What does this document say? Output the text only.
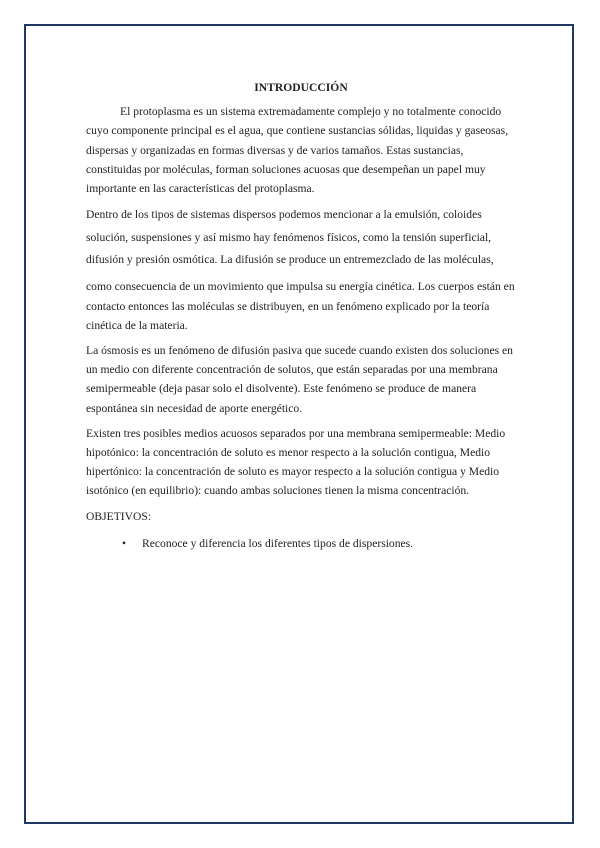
INTRODUCCIÓN

El protoplasma es un sistema extremadamente complejo y no totalmente conocido cuyo componente principal es el agua, que contiene sustancias sólidas, liquidas y gaseosas, dispersas y organizadas en formas diversas y de varios tamaños. Estas sustancias, constituidas por moléculas, forman soluciones acuosas que desempeñan un papel muy importante en las características del protoplasma.

Dentro de los tipos de sistemas dispersos podemos mencionar a la emulsión, coloides solución, suspensiones y así mismo hay fenómenos físicos, como la tensión superficial, difusión y presión osmótica. La difusión se produce un entremezclado de las moléculas,

como consecuencia de un movimiento que impulsa su energía cinética. Los cuerpos están en contacto entonces las moléculas se distribuyen, en un fenómeno explicado por la teoría cinética de la materia.

La ósmosis es un fenómeno de difusión pasiva que sucede cuando existen dos soluciones en un medio con diferente concentración de solutos, que están separadas por una membrana semipermeable (deja pasar solo el disolvente). Este fenómeno se produce de manera espontánea sin necesidad de aporte energético.

Existen tres posibles medios acuosos separados por una membrana semipermeable: Medio hipotónico: la concentración de soluto es menor respecto a la solución contigua, Medio hipertónico: la concentración de soluto es mayor respecto a la solución contigua y Medio isotónico (en equilibrio): cuando ambas soluciones tienen la misma concentración.

OBJETIVOS:

• Reconoce y diferencia los diferentes tipos de dispersiones.
